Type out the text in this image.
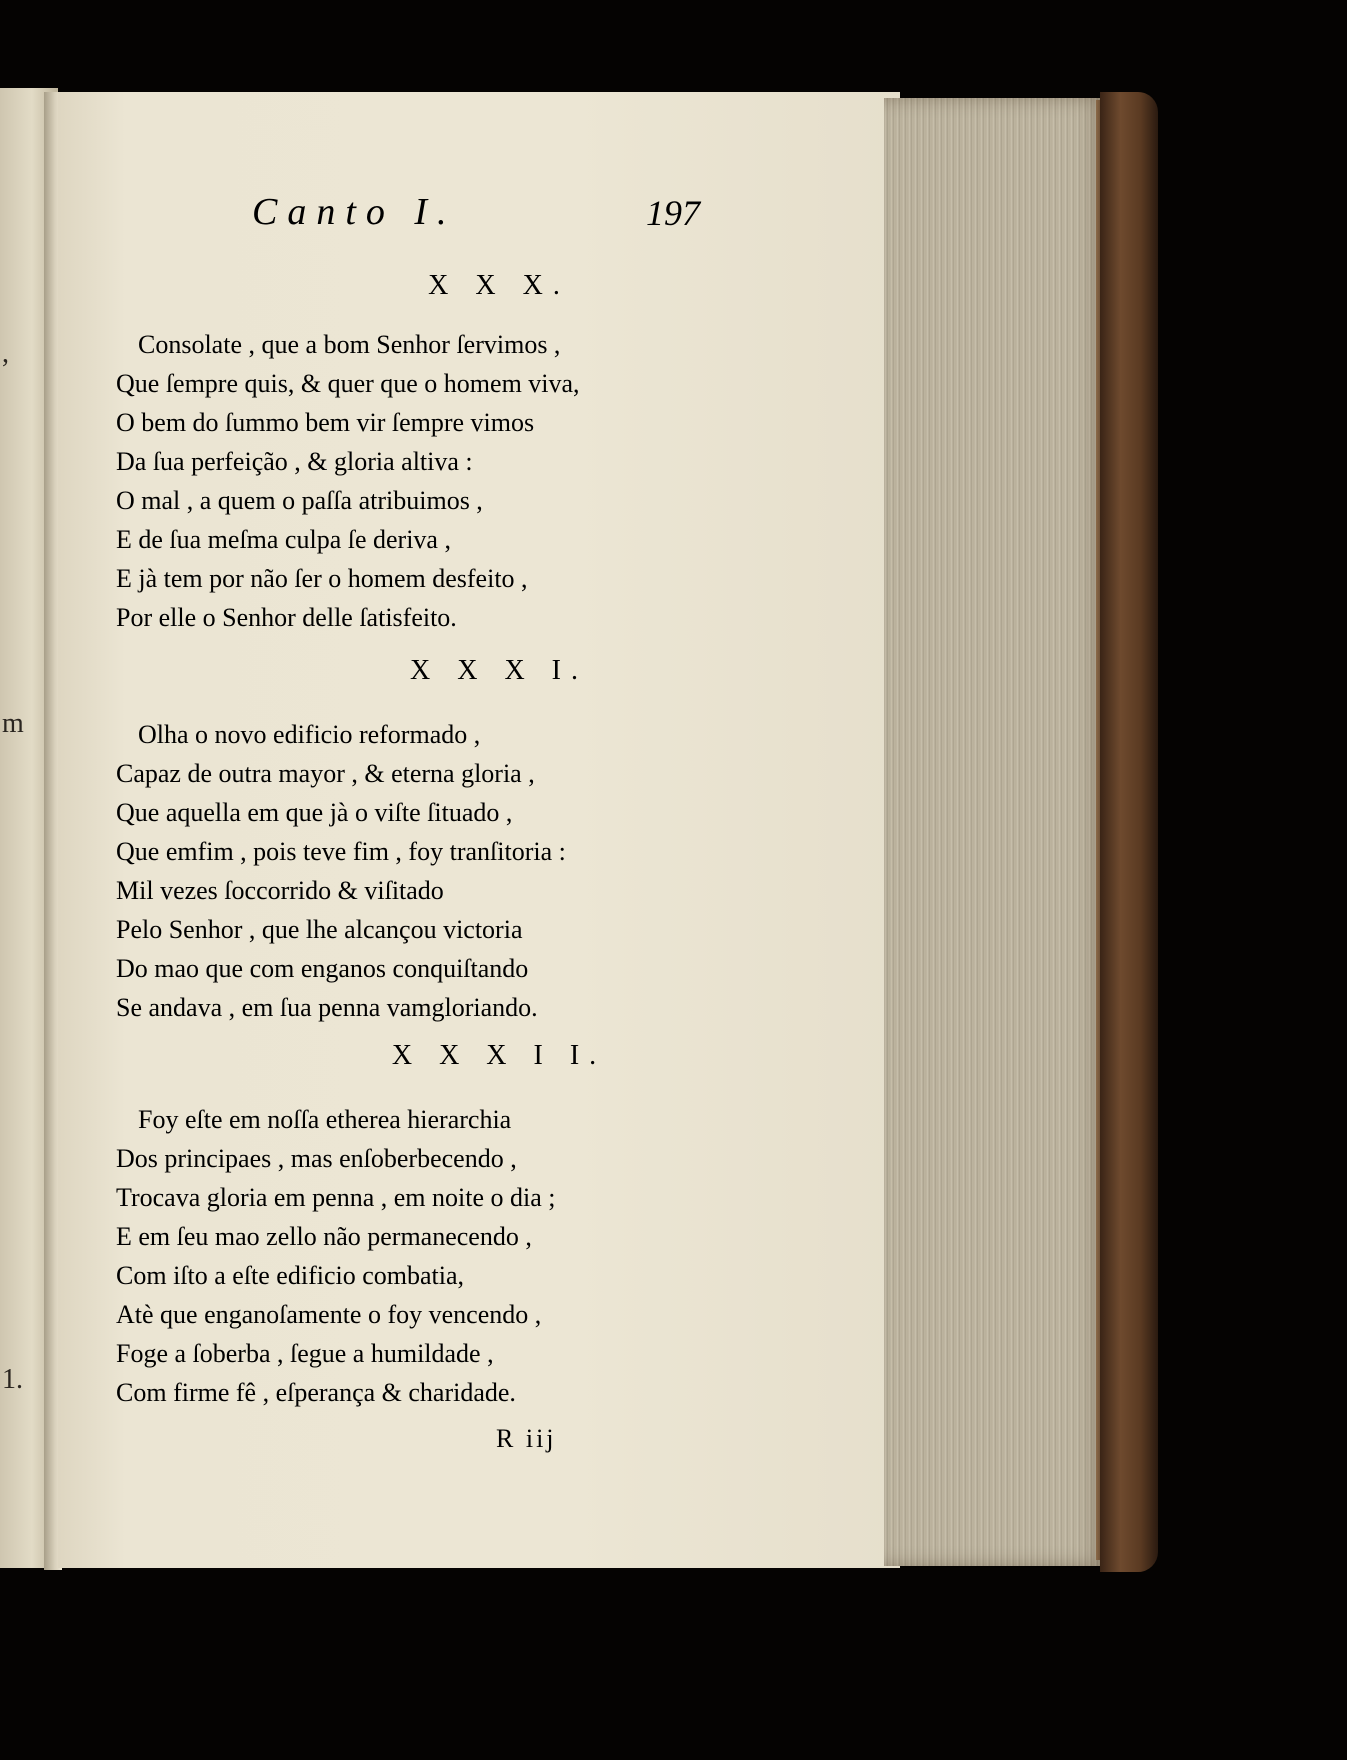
,
m
1.
Canto I.	197
X X X.
Consolate , que a bom Senhor ſervimos ,
Que ſempre quis, & quer que o homem viva,
O bem do ſummo bem vir ſempre vimos
Da ſua perfeição , & gloria altiva :
O mal , a quem o paſſa atribuimos ,
E de ſua meſma culpa ſe deriva ,
E jà tem por não ſer o homem desfeito ,
Por elle o Senhor delle ſatisfeito.
X X X I.
Olha o novo edificio reformado ,
Capaz de outra mayor , & eterna gloria ,
Que aquella em que jà o viſte ſituado ,
Que emfim , pois teve fim , foy tranſitoria :
Mil vezes ſoccorrido & viſitado
Pelo Senhor , que lhe alcançou victoria
Do mao que com enganos conquiſtando
Se andava , em ſua penna vamgloriando.
X X X I I.
Foy eſte em noſſa etherea hierarchia
Dos principaes , mas enſoberbecendo ,
Trocava gloria em penna , em noite o dia ;
E em ſeu mao zello não permanecendo ,
Com iſto a eſte edificio combatia,
Atè que enganoſamente o foy vencendo ,
Foge a ſoberba , ſegue a humildade ,
Com firme fê , eſperança & charidade.
R iij
